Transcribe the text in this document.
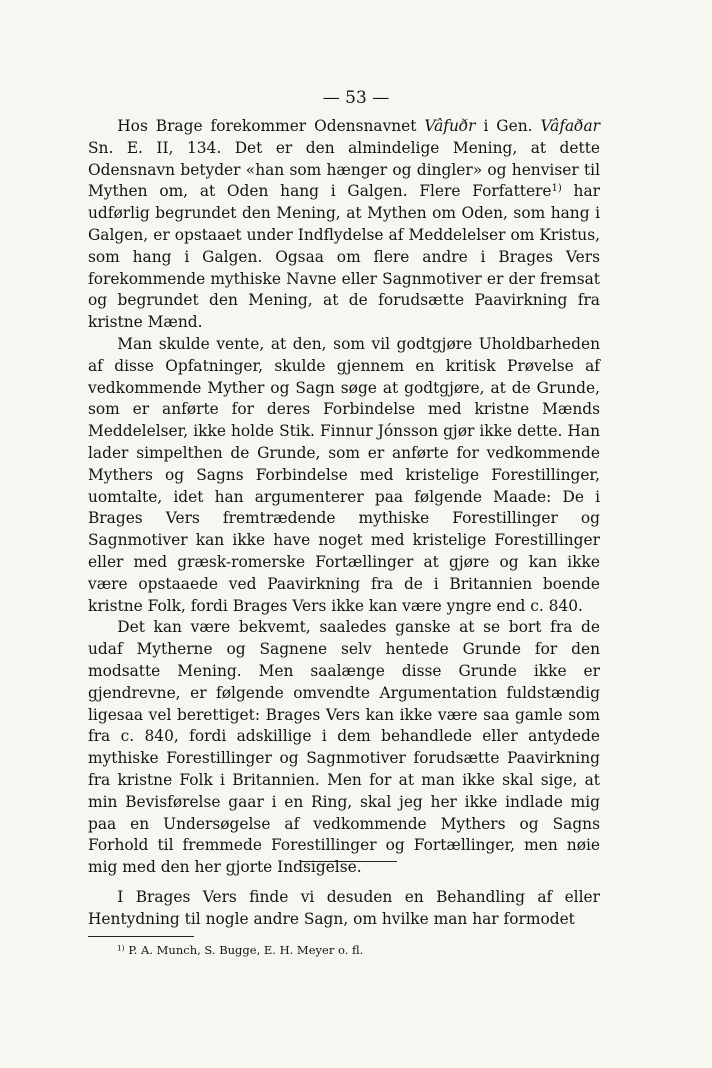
— 53 —

Hos Brage forekommer Odensnavnet Vâfuðr i Gen. Vâfaðar Sn. E. II, 134. Det er den almindelige Mening, at dette Odensnavn betyder «han som hænger og dingler» og henviser til Mythen om, at Oden hang i Galgen. Flere Forfattere$^{1)}$ har udførlig begrundet den Mening, at Mythen om Oden, som hang i Galgen, er opstaaet under Indflydelse af Meddelelser om Kristus, som hang i Galgen. Ogsaa om flere andre i Brages Vers forekommende mythiske Navne eller Sagnmotiver er der fremsat og begrundet den Mening, at de forudsætte Paavirkning fra kristne Mænd.

Man skulde vente, at den, som vil godtgjøre Uholdbarheden af disse Opfatninger, skulde gjennem en kritisk Prøvelse af vedkommende Myther og Sagn søge at godtgjøre, at de Grunde, som er anførte for deres Forbindelse med kristne Mænds Meddelelser, ikke holde Stik. Finnur Jónsson gjør ikke dette. Han lader simpelthen de Grunde, som er anførte for vedkommende Mythers og Sagns Forbindelse med kristelige Forestillinger, uomtalte, idet han argumenterer paa følgende Maade: De i Brages Vers fremtrædende mythiske Forestillinger og Sagnmotiver kan ikke have noget med kristelige Forestillinger eller med græsk-romerske Fortællinger at gjøre og kan ikke være opstaaede ved Paavirkning fra de i Britannien boende kristne Folk, fordi Brages Vers ikke kan være yngre end c. 840.

Det kan være bekvemt, saaledes ganske at se bort fra de udaf Mytherne og Sagnene selv hentede Grunde for den modsatte Mening. Men saalænge disse Grunde ikke er gjendrevne, er følgende omvendte Argumentation fuldstændig ligesaa vel berettiget: Brages Vers kan ikke være saa gamle som fra c. 840, fordi adskillige i dem behandlede eller antydede mythiske Forestillinger og Sagnmotiver forudsætte Paavirkning fra kristne Folk i Britannien. Men for at man ikke skal sige, at min Bevisførelse gaar i en Ring, skal jeg her ikke indlade mig paa en Undersøgelse af vedkommende Mythers og Sagns Forhold til fremmede Forestillinger og Fortællinger, men nøie mig med den her gjorte Indsigelse.

I Brages Vers finde vi desuden en Behandling af eller Hentydning til nogle andre Sagn, om hvilke man har formodet

$^{1)}$ P. A. Munch, S. Bugge, E. H. Meyer o. fl.
